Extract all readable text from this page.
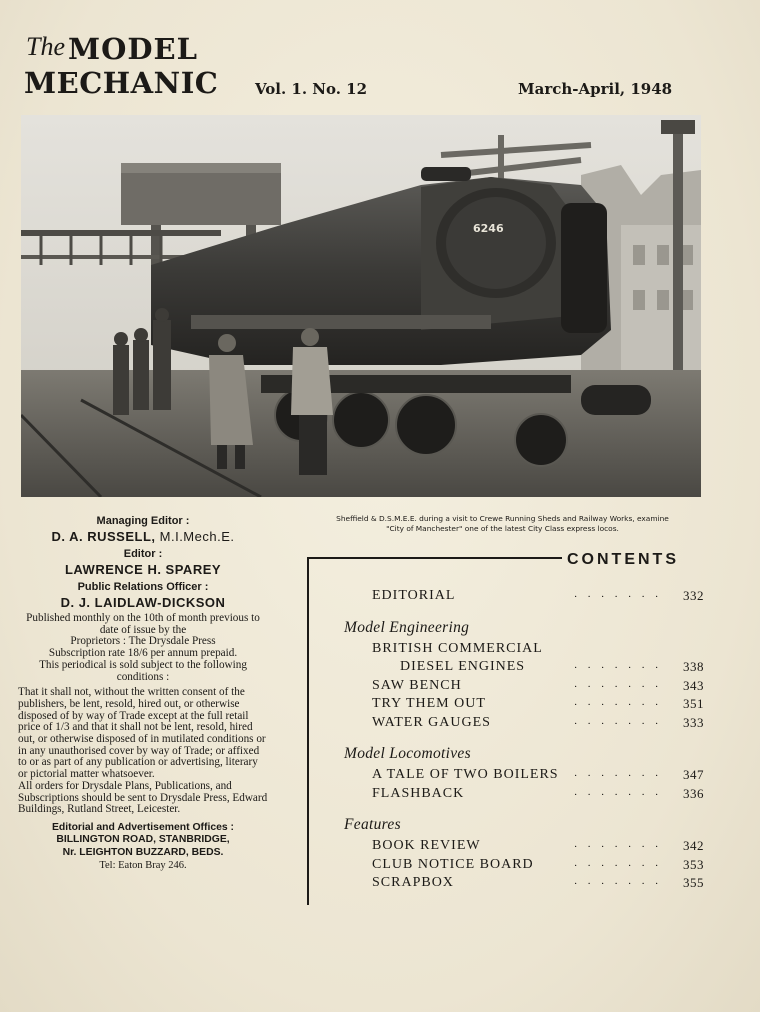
The MODEL
MECHANIC Vol. 1. No. 12	March-April, 1948
6246
Sheffield & D.S.M.E.E. during a visit to Crewe Running Sheds and Railway Works, examine
"City of Manchester" one of the latest City Class express locos.
Managing Editor :
D. A. RUSSELL, M.I.Mech.E.
Editor :
LAWRENCE H. SPAREY
Public Relations Officer :
D. J. LAIDLAW-DICKSON
Published monthly on the 10th of month previous to date of issue by the
Proprietors : The Drysdale Press
Subscription rate 18/6 per annum prepaid.
This periodical is sold subject to the following conditions :
That it shall not, without the written consent of the publishers, be lent, resold, hired out, or otherwise disposed of by way of Trade except at the full retail price of 1/3 and that it shall not be lent, resold, hired out, or otherwise disposed of in mutilated conditions or in any unauthorised cover by way of Trade; or affixed to or as part of any publication or advertising, literary or pictorial matter whatsoever.
All orders for Drysdale Plans, Publications, and Subscriptions should be sent to Drysdale Press, Edward Buildings, Rutland Street, Leicester.
Editorial and Advertisement Offices :
BILLINGTON ROAD, STANBRIDGE,
Nr. LEIGHTON BUZZARD, BEDS.
Tel: Eaton Bray 246.
CONTENTS
EDITORIAL	. . . . . . .	332
Model Engineering
BRITISH COMMERCIAL
DIESEL ENGINES	. . . . . . .	338
SAW BENCH	. . . . . . .	343
TRY THEM OUT	. . . . . . .	351
WATER GAUGES	. . . . . . .	333
Model Locomotives
A TALE OF TWO BOILERS . . . . . . .	347
FLASHBACK	. . . . . . .	336
Features
BOOK REVIEW	. . . . . . .	342
CLUB NOTICE BOARD	. . . . . . .	353
SCRAPBOX	. . . . . . .	355
